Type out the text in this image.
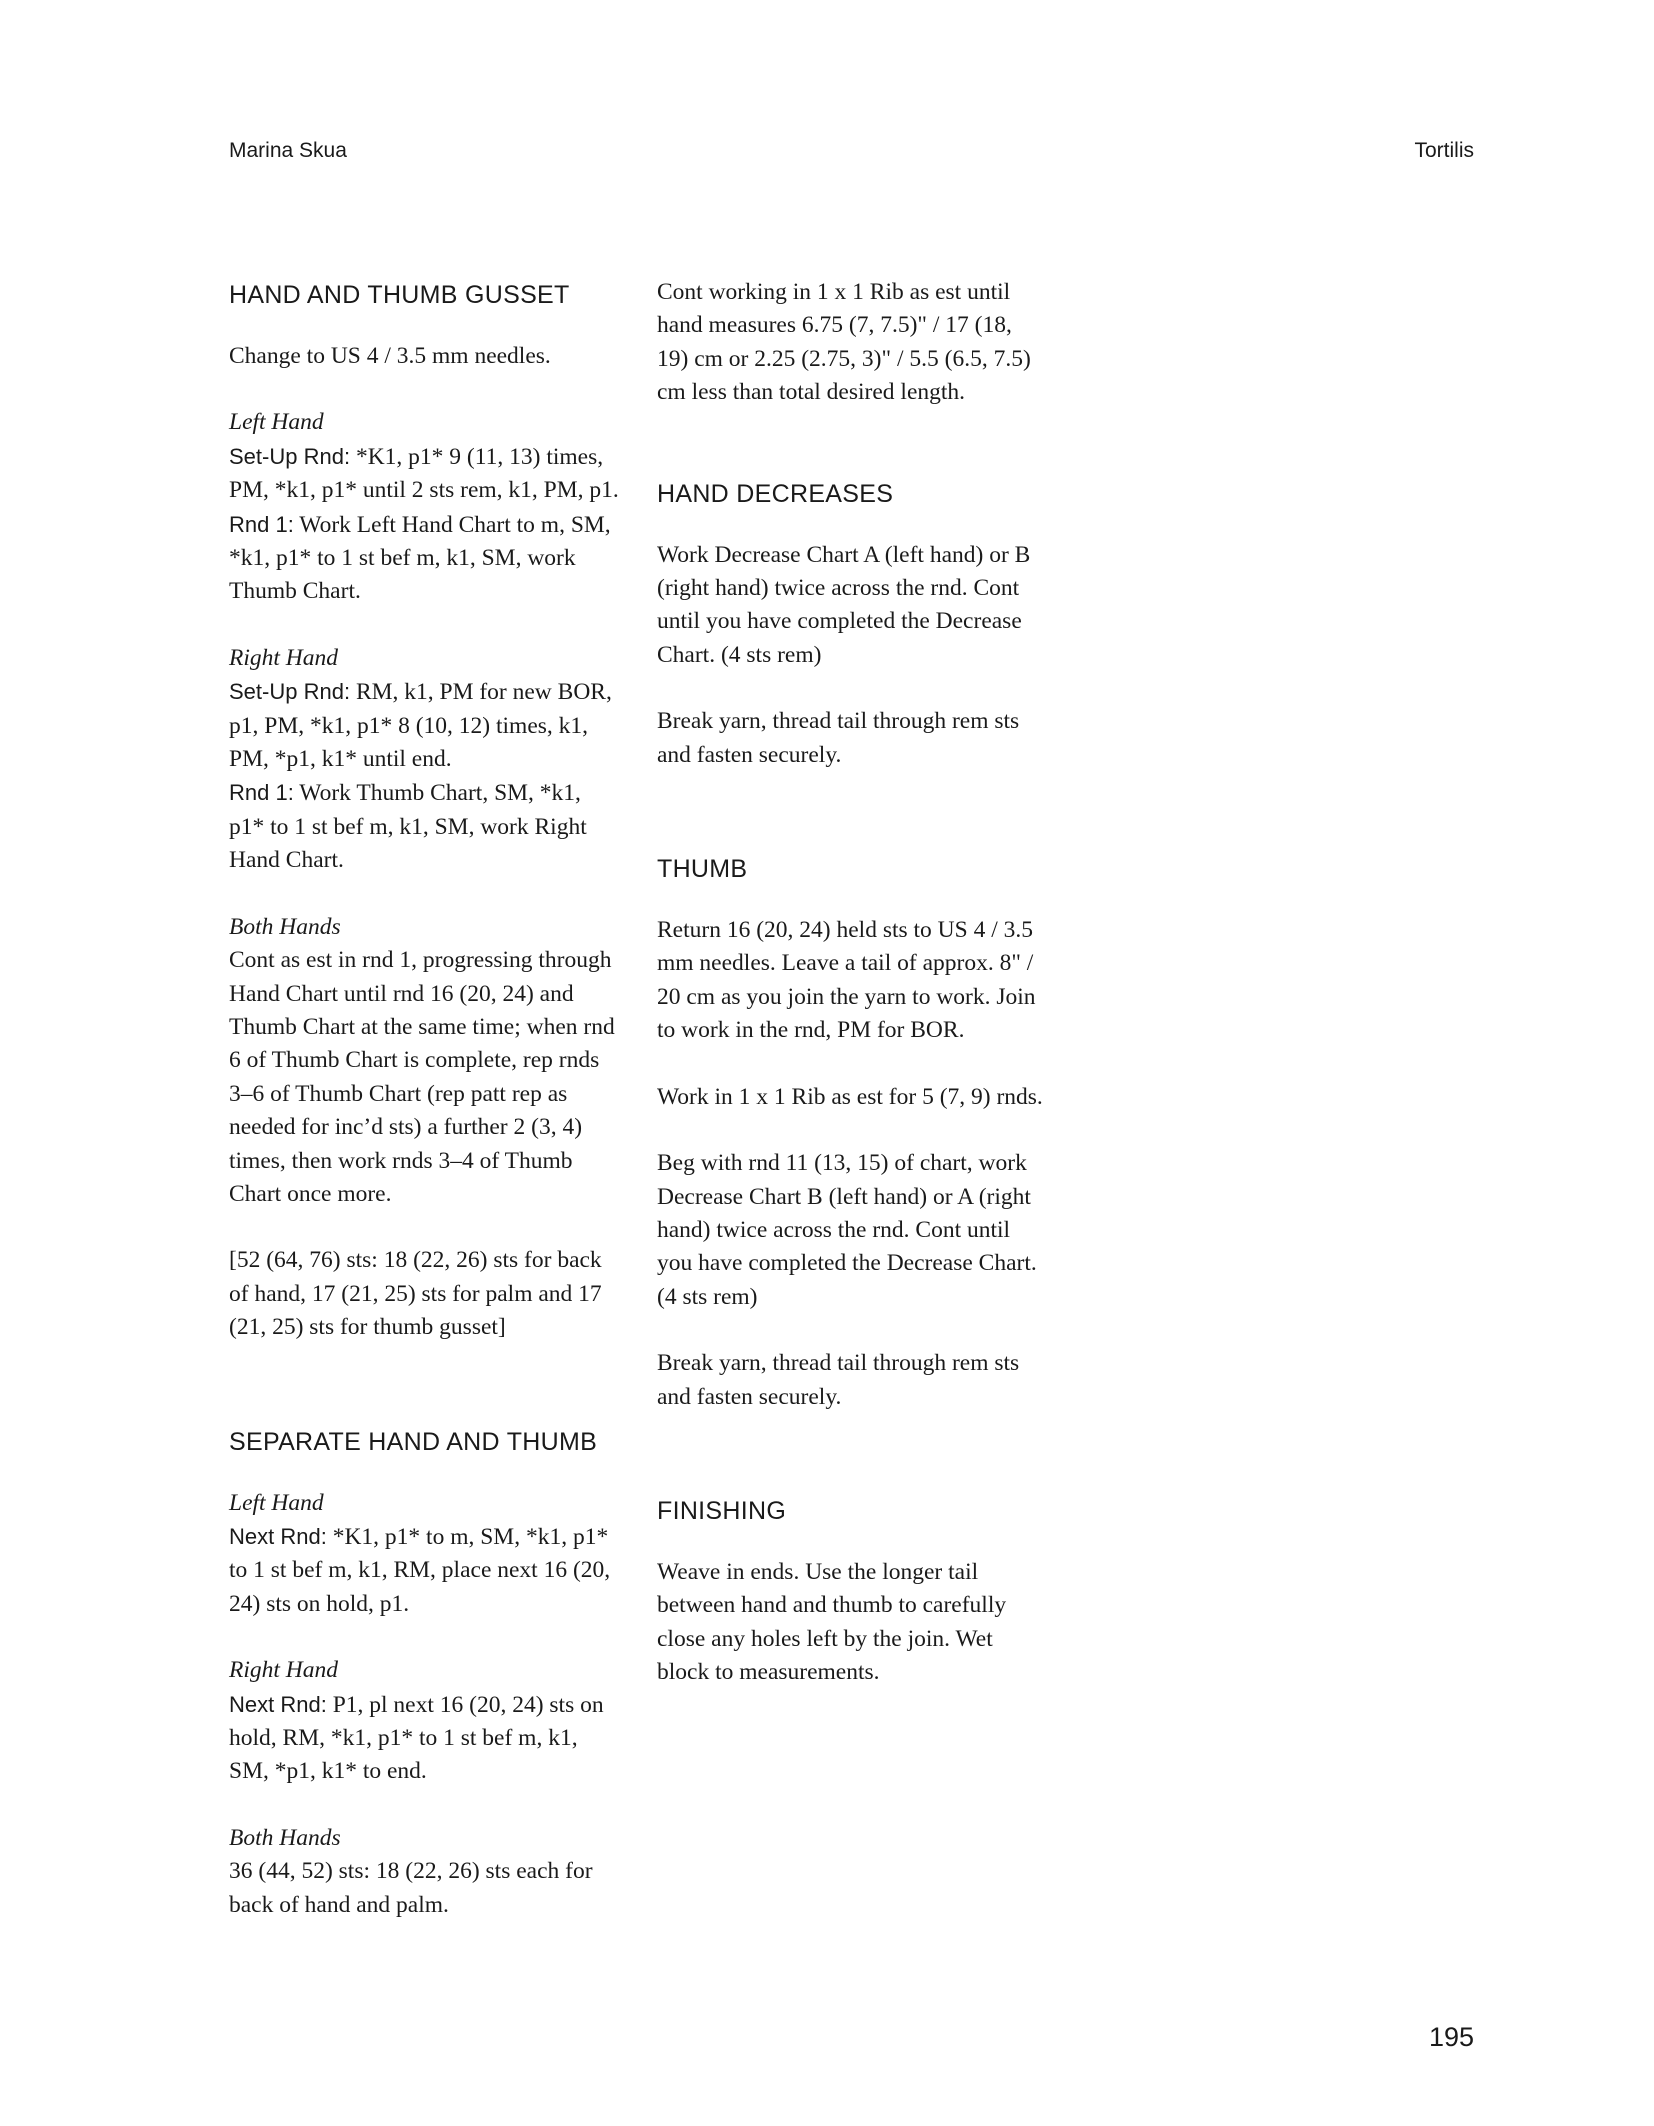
Marina Skua	Tortilis
HAND AND THUMB GUSSET

Change to US 4 / 3.5 mm needles.

Left Hand
Set-Up Rnd: *K1, p1* 9 (11, 13) times, PM, *k1, p1* until 2 sts rem, k1, PM, p1.
Rnd 1: Work Left Hand Chart to m, SM, *k1, p1* to 1 st bef m, k1, SM, work Thumb Chart.

Right Hand
Set-Up Rnd: RM, k1, PM for new BOR, p1, PM, *k1, p1* 8 (10, 12) times, k1, PM, *p1, k1* until end.
Rnd 1: Work Thumb Chart, SM, *k1, p1* to 1 st bef m, k1, SM, work Right Hand Chart.

Both Hands
Cont as est in rnd 1, progressing through Hand Chart until rnd 16 (20, 24) and Thumb Chart at the same time; when rnd 6 of Thumb Chart is complete, rep rnds 3–6 of Thumb Chart (rep patt rep as needed for inc’d sts) a further 2 (3, 4) times, then work rnds 3–4 of Thumb Chart once more.

[52 (64, 76) sts: 18 (22, 26) sts for back of hand, 17 (21, 25) sts for palm and 17 (21, 25) sts for thumb gusset]

SEPARATE HAND AND THUMB

Left Hand
Next Rnd: *K1, p1* to m, SM, *k1, p1* to 1 st bef m, k1, RM, place next 16 (20, 24) sts on hold, p1.

Right Hand
Next Rnd: P1, pl next 16 (20, 24) sts on hold, RM, *k1, p1* to 1 st bef m, k1, SM, *p1, k1* to end.

Both Hands
36 (44, 52) sts: 18 (22, 26) sts each for back of hand and palm.

Cont working in 1 x 1 Rib as est until hand measures 6.75 (7, 7.5)" / 17 (18, 19) cm or 2.25 (2.75, 3)" / 5.5 (6.5, 7.5) cm less than total desired length.

HAND DECREASES

Work Decrease Chart A (left hand) or B (right hand) twice across the rnd. Cont until you have completed the Decrease Chart. (4 sts rem)

Break yarn, thread tail through rem sts and fasten securely.

THUMB

Return 16 (20, 24) held sts to US 4 / 3.5 mm needles. Leave a tail of approx. 8" / 20 cm as you join the yarn to work. Join to work in the rnd, PM for BOR.

Work in 1 x 1 Rib as est for 5 (7, 9) rnds.

Beg with rnd 11 (13, 15) of chart, work Decrease Chart B (left hand) or A (right hand) twice across the rnd. Cont until you have completed the Decrease Chart. (4 sts rem)

Break yarn, thread tail through rem sts and fasten securely.

FINISHING

Weave in ends. Use the longer tail between hand and thumb to carefully close any holes left by the join. Wet block to measurements.

195
